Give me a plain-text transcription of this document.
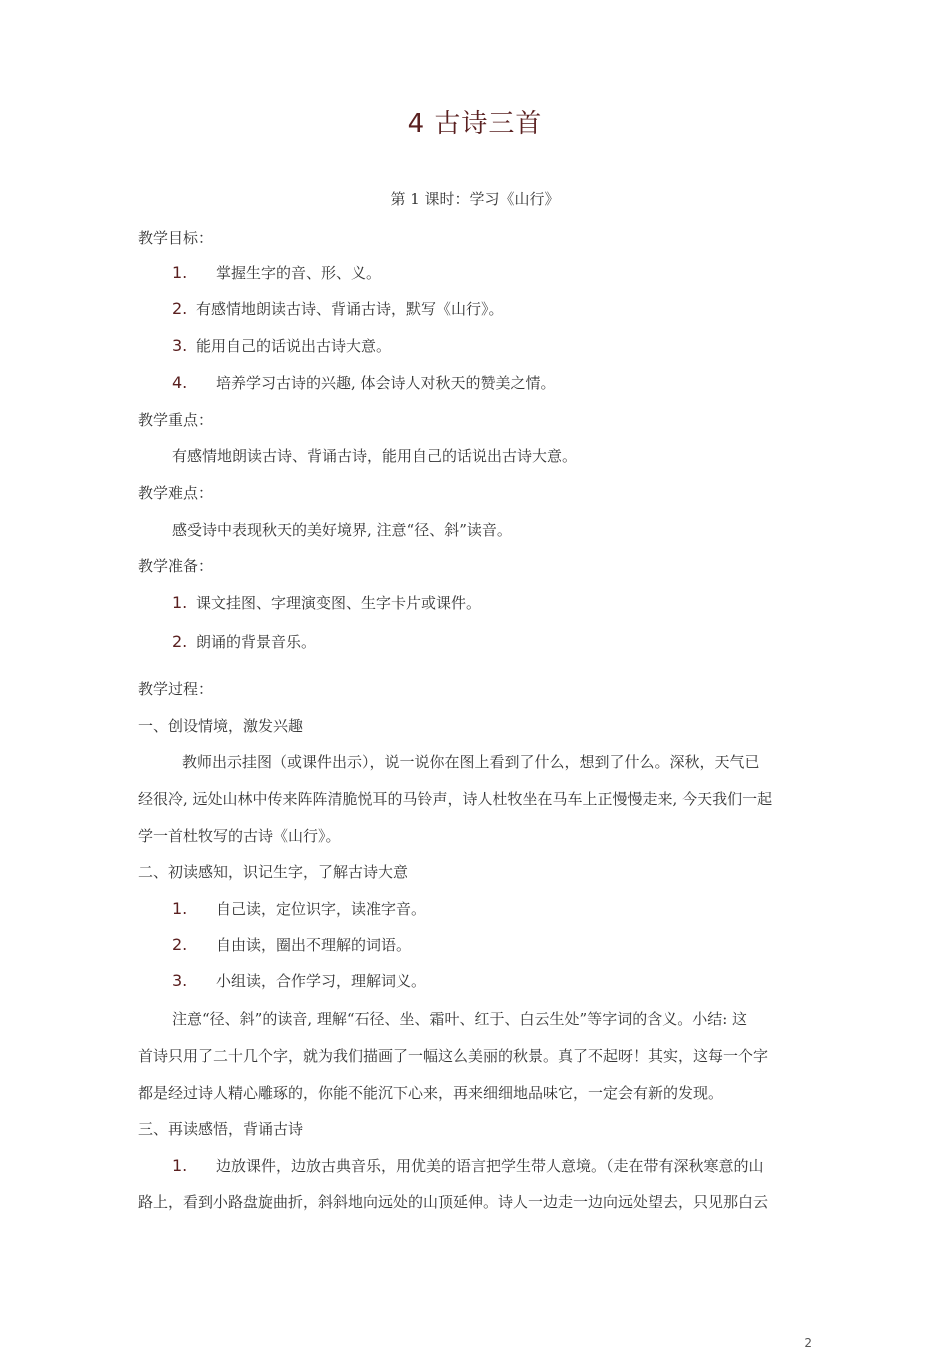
4 古诗三首
第 1 课时：学习《山行》
教学目标：
1. 掌握生字的音、形、义。
2. 有感情地朗读古诗、背诵古诗，默写《山行》。
3. 能用自己的话说出古诗大意。
4. 培养学习古诗的兴趣, 体会诗人对秋天的赞美之情。
教学重点：
有感情地朗读古诗、背诵古诗，能用自己的话说出古诗大意。
教学难点：
感受诗中表现秋天的美好境界, 注意“径、斜”读音。
教学准备：
1. 课文挂图、字理演变图、生字卡片或课件。
2. 朗诵的背景音乐。
教学过程：
一、创设情境，激发兴趣

教师出示挂图（或课件出示），说一说你在图上看到了什么，想到了什么。深秋，天气已

经很冷, 远处山林中传来阵阵清脆悦耳的马铃声，诗人杜牧坐在马车上正慢慢走来, 今天我们一起

学一首杜牧写的古诗《山行》。

二、初读感知，识记生字，了解古诗大意
1. 自己读，定位识字，读准字音。
2. 自由读，圈出不理解的词语。
3. 小组读，合作学习，理解词义。

注意“径、斜”的读音, 理解“石径、坐、霜叶、红于、白云生处”等字词的含义。小结: 这

首诗只用了二十几个字，就为我们描画了一幅这么美丽的秋景。真了不起呀！其实，这每一个字

都是经过诗人精心雕琢的，你能不能沉下心来，再来细细地品味它，一定会有新的发现。

三、再读感悟，背诵古诗
1. 边放课件，边放古典音乐，用优美的语言把学生带人意境。（走在带有深秋寒意的山

路上，看到小路盘旋曲折，斜斜地向远处的山顶延伸。诗人一边走一边向远处望去，只见那白云

2
